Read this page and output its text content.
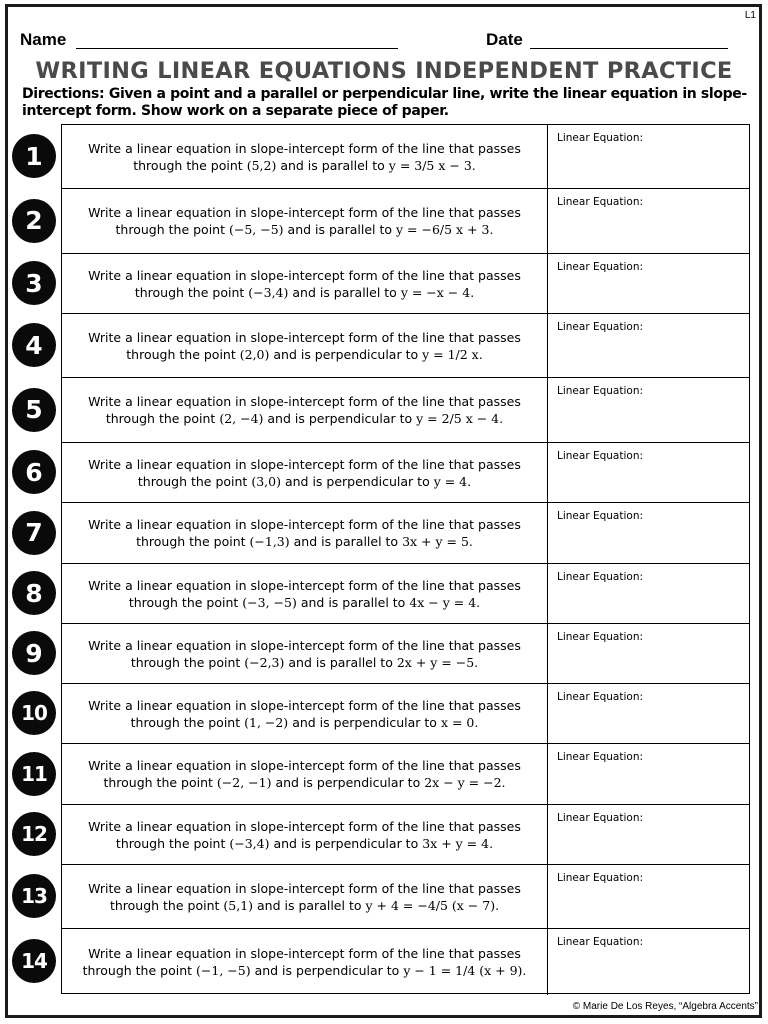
L1
Name	Date
WRITING LINEAR EQUATIONS INDEPENDENT PRACTICE
Directions: Given a point and a parallel or perpendicular line, write the linear equation in slope-intercept form. Show work on a separate piece of paper.
1
2
3
4
5
6
7
8
9
10
11
12
13
14
Write a linear equation in slope-intercept form of the line that passes
through the point (5,2) and is parallel to y = 3/5 x − 3.
Linear Equation:
Write a linear equation in slope-intercept form of the line that passes
through the point (−5, −5) and is parallel to y = −6/5 x + 3.
Linear Equation:
Write a linear equation in slope-intercept form of the line that passes
through the point (−3,4) and is parallel to y = −x − 4.
Linear Equation:
Write a linear equation in slope-intercept form of the line that passes
through the point (2,0) and is perpendicular to y = 1/2 x.
Linear Equation:
Write a linear equation in slope-intercept form of the line that passes
through the point (2, −4) and is perpendicular to y = 2/5 x − 4.
Linear Equation:
Write a linear equation in slope-intercept form of the line that passes
through the point (3,0) and is perpendicular to y = 4.
Linear Equation:
Write a linear equation in slope-intercept form of the line that passes
through the point (−1,3) and is parallel to 3x + y = 5.
Linear Equation:
Write a linear equation in slope-intercept form of the line that passes
through the point (−3, −5) and is parallel to 4x − y = 4.
Linear Equation:
Write a linear equation in slope-intercept form of the line that passes
through the point (−2,3) and is parallel to 2x + y = −5.
Linear Equation:
Write a linear equation in slope-intercept form of the line that passes
through the point (1, −2) and is perpendicular to x = 0.
Linear Equation:
Write a linear equation in slope-intercept form of the line that passes
through the point (−2, −1) and is perpendicular to 2x − y = −2.
Linear Equation:
Write a linear equation in slope-intercept form of the line that passes
through the point (−3,4) and is perpendicular to 3x + y = 4.
Linear Equation:
Write a linear equation in slope-intercept form of the line that passes
through the point (5,1) and is parallel to y + 4 = −4/5 (x − 7).
Linear Equation:
Write a linear equation in slope-intercept form of the line that passes
through the point (−1, −5) and is perpendicular to y − 1 = 1/4 (x + 9).
Linear Equation:
© Marie De Los Reyes, “Algebra Accents”
